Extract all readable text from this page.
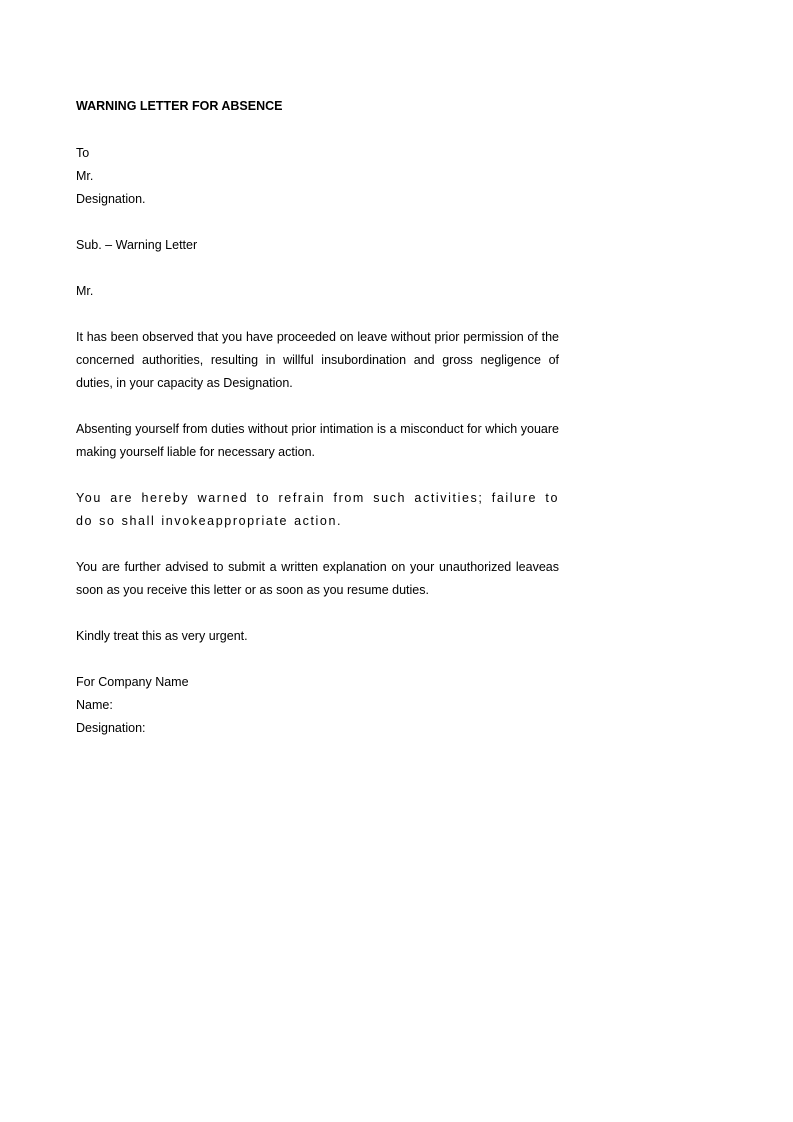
WARNING LETTER FOR ABSENCE

To

Mr.

Designation.

Sub. – Warning Letter

Mr.

It has been observed that you have proceeded on leave without prior permission of the concerned authorities, resulting in willful insubordination and gross negligence of duties, in your capacity as Designation.

Absenting yourself from duties without prior intimation is a misconduct for which youare making yourself liable for necessary action.

You are hereby warned to refrain from such activities; failure to do so shall invokeappropriate action.

You are further advised to submit a written explanation on your unauthorized leaveas soon as you receive this letter or as soon as you resume duties.

Kindly treat this as very urgent.

For Company Name

Name:

Designation:
